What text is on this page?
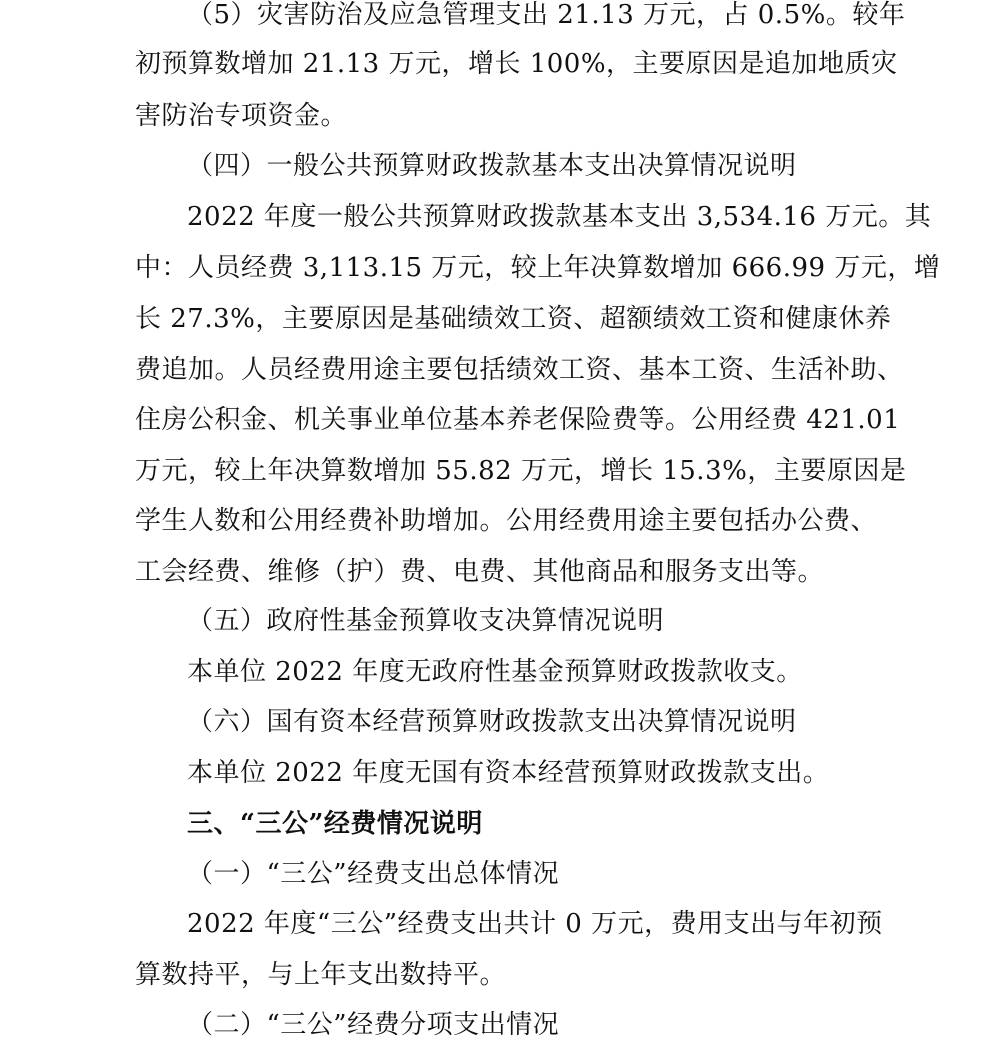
（5）灾害防治及应急管理支出 21.13 万元，占 0.5%。较年
初预算数增加 21.13 万元，增长 100%，主要原因是追加地质灾
害防治专项资金。
（四）一般公共预算财政拨款基本支出决算情况说明
2022 年度一般公共预算财政拨款基本支出 3,534.16 万元。其
中：人员经费 3,113.15 万元，较上年决算数增加 666.99 万元，增
长 27.3%，主要原因是基础绩效工资、超额绩效工资和健康休养
费追加。人员经费用途主要包括绩效工资、基本工资、生活补助、
住房公积金、机关事业单位基本养老保险费等。公用经费 421.01
万元，较上年决算数增加 55.82 万元，增长 15.3%，主要原因是
学生人数和公用经费补助增加。公用经费用途主要包括办公费、
工会经费、维修（护）费、电费、其他商品和服务支出等。
（五）政府性基金预算收支决算情况说明
本单位 2022 年度无政府性基金预算财政拨款收支。
（六）国有资本经营预算财政拨款支出决算情况说明
本单位 2022 年度无国有资本经营预算财政拨款支出。
三、“三公”经费情况说明
（一）“三公”经费支出总体情况
2022 年度“三公”经费支出共计 0 万元，费用支出与年初预
算数持平，与上年支出数持平。
（二）“三公”经费分项支出情况
